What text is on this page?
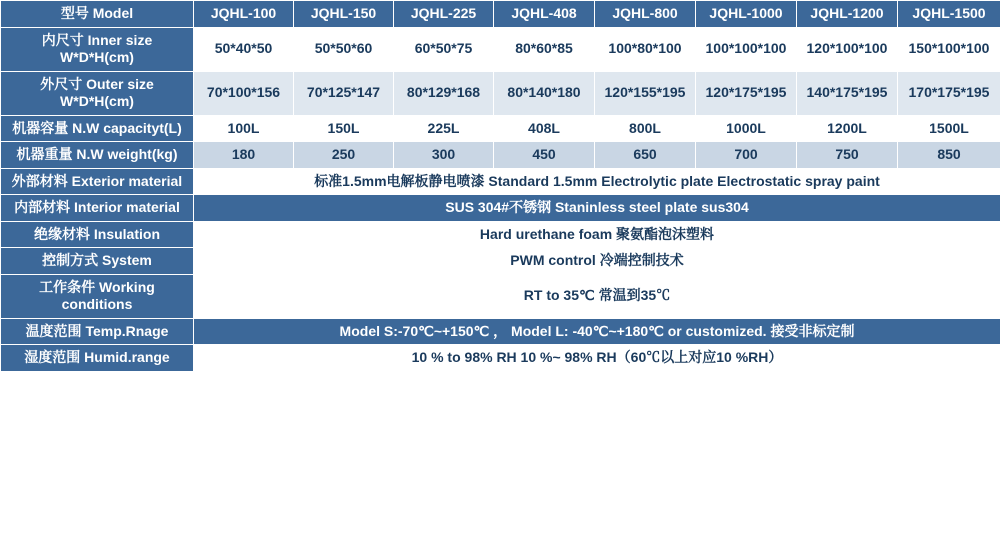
型号 Model	JQHL-100	JQHL-150	JQHL-225	JQHL-408	JQHL-800	JQHL-1000	JQHL-1200	JQHL-1500
内尺寸 Inner size W*D*H(cm)	50*40*50	50*50*60	60*50*75	80*60*85	100*80*100	100*100*100	120*100*100	150*100*100
外尺寸 Outer size W*D*H(cm)	70*100*156	70*125*147	80*129*168	80*140*180	120*155*195	120*175*195	140*175*195	170*175*195
机器容量 N.W capacityt(L)	100L	150L	225L	408L	800L	1000L	1200L	1500L
机器重量 N.W weight(kg)	180	250	300	450	650	700	750	850
外部材料 Exterior material	标准1.5mm电解板静电喷漆 Standard 1.5mm Electrolytic plate Electrostatic spray paint							
内部材料 Interior material	SUS 304#不锈钢 Staninless steel plate sus304							
绝缘材料 Insulation	Hard urethane foam 聚氨酯泡沫塑料							
控制方式 System	PWM control 冷端控制技术							
工作条件 Working conditions	RT to 35℃ 常温到35℃							
温度范围 Temp.Rnage	Model S:-70℃~+150℃ ， Model L: -40℃~+180℃ or customized. 接受非标定制							
湿度范围 Humid.range	10 % to 98% RH 10 %~ 98% RH（60℃以上对应10 %RH）							
